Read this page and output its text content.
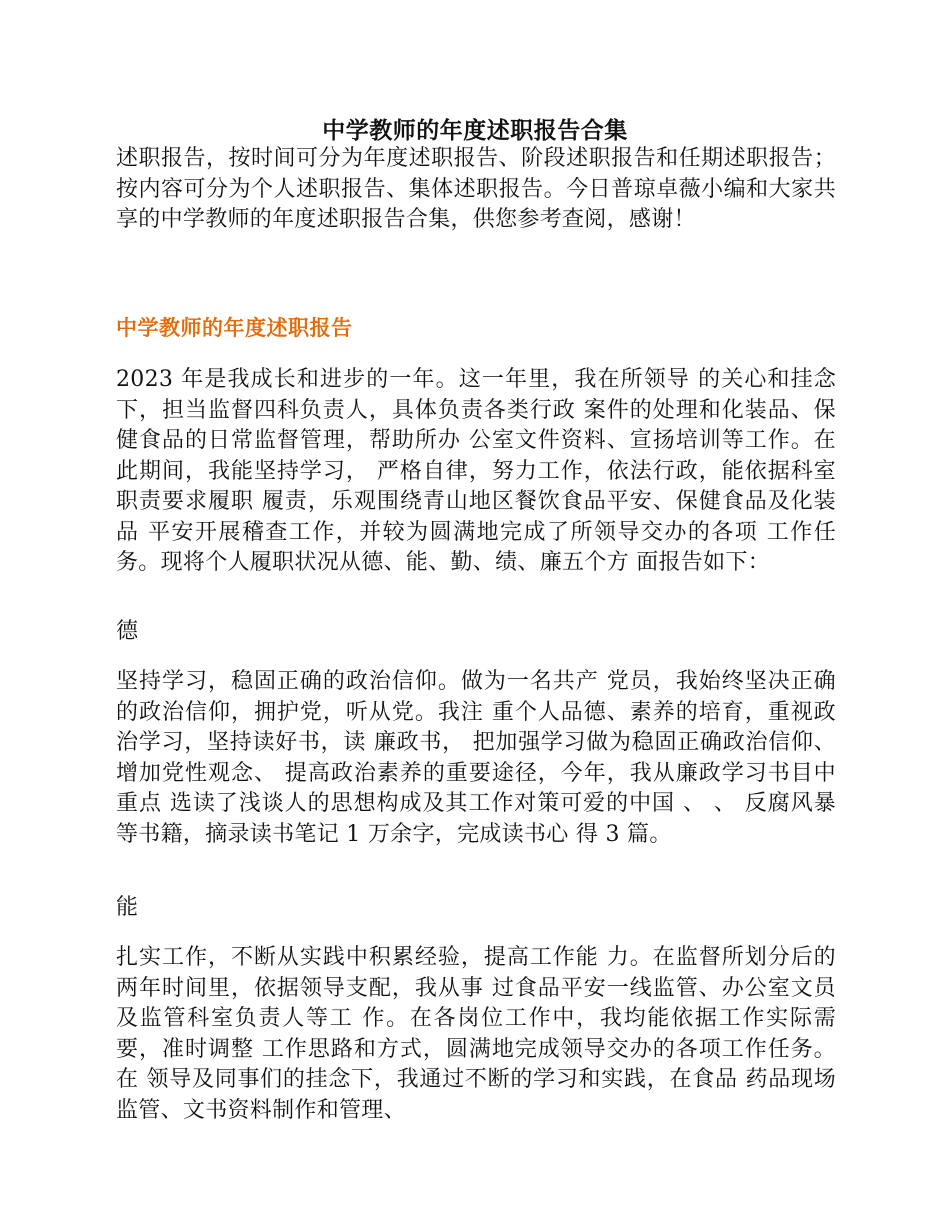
中学教师的年度述职报告合集

述职报告，按时间可分为年度述职报告、阶段述职报告和任期述职报告；按内容可分为个人述职报告、集体述职报告。今日普琼卓薇小编和大家共享的中学教师的年度述职报告合集，供您参考查阅，感谢！

中学教师的年度述职报告

2023 年是我成长和进步的一年。这一年里，我在所领导 的关心和挂念下，担当监督四科负责人，具体负责各类行政 案件的处理和化装品、保健食品的日常监督管理，帮助所办 公室文件资料、宣扬培训等工作。在此期间，我能坚持学习， 严格自律，努力工作，依法行政，能依据科室职责要求履职 履责，乐观围绕青山地区餐饮食品平安、保健食品及化装品 平安开展稽查工作，并较为圆满地完成了所领导交办的各项 工作任务。现将个人履职状况从德、能、勤、绩、廉五个方 面报告如下：

德

坚持学习，稳固正确的政治信仰。做为一名共产 党员，我始终坚决正确的政治信仰，拥护党，听从党。我注 重个人品德、素养的培育，重视政治学习，坚持读好书，读 廉政书， 把加强学习做为稳固正确政治信仰、 增加党性观念、 提高政治素养的重要途径，今年，我从廉政学习书目中重点 选读了浅谈人的思想构成及其工作对策可爱的中国 、 、 反腐风暴等书籍，摘录读书笔记 1 万余字，完成读书心 得 3 篇。

能

扎实工作，不断从实践中积累经验，提高工作能 力。在监督所划分后的两年时间里，依据领导支配，我从事 过食品平安一线监管、办公室文员及监管科室负责人等工 作。在各岗位工作中，我均能依据工作实际需要，准时调整 工作思路和方式，圆满地完成领导交办的各项工作任务。在 领导及同事们的挂念下，我通过不断的学习和实践，在食品 药品现场监管、文书资料制作和管理、
